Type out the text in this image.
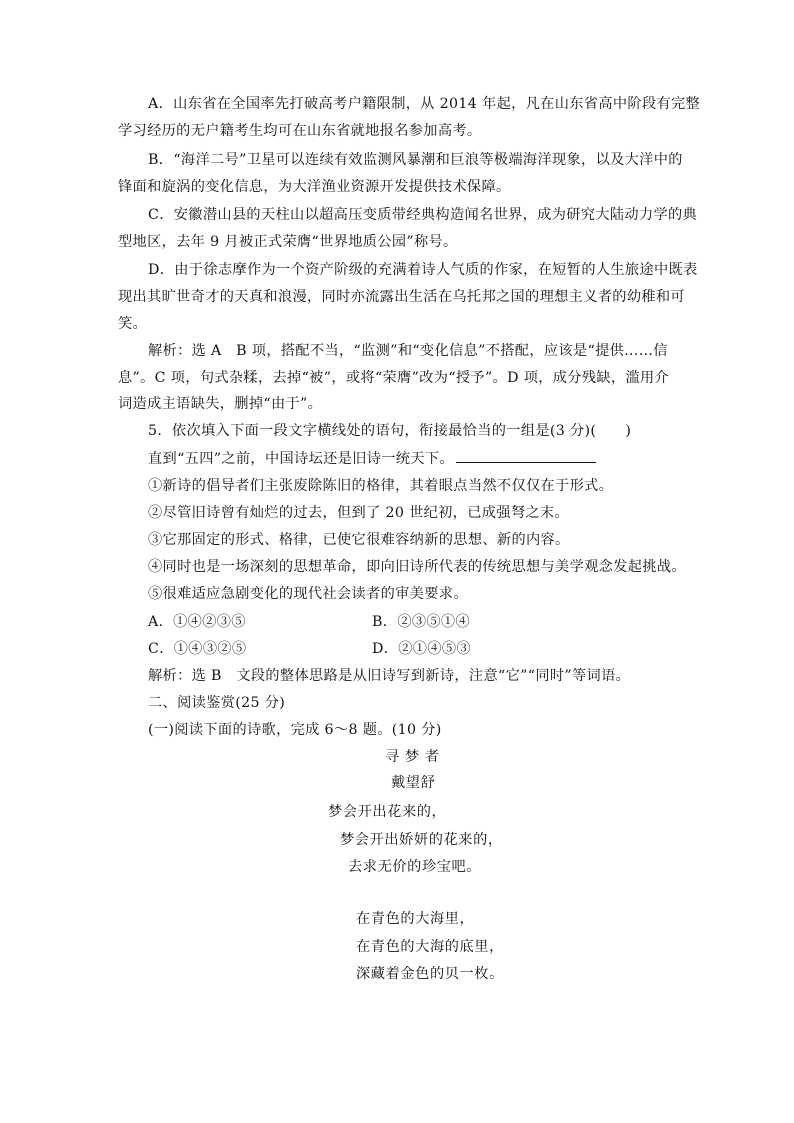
A．山东省在全国率先打破高考户籍限制，从 2014 年起，凡在山东省高中阶段有完整
学习经历的无户籍考生均可在山东省就地报名参加高考。
B．“海洋二号”卫星可以连续有效监测风暴潮和巨浪等极端海洋现象，以及大洋中的
锋面和旋涡的变化信息，为大洋渔业资源开发提供技术保障。
C．安徽潜山县的天柱山以超高压变质带经典构造闻名世界，成为研究大陆动力学的典
型地区，去年 9 月被正式荣膺“世界地质公园”称号。
D．由于徐志摩作为一个资产阶级的充满着诗人气质的作家，在短暂的人生旅途中既表
现出其旷世奇才的天真和浪漫，同时亦流露出生活在乌托邦之国的理想主义者的幼稚和可
笑。
解析：选 A　B 项，搭配不当，“监测”和“变化信息”不搭配，应该是“提供……信
息”。C 项，句式杂糅，去掉“被”，或将“荣膺”改为“授予”。D 项，成分残缺，滥用介
词造成主语缺失，删掉“由于”。
5．依次填入下面一段文字横线处的语句，衔接最恰当的一组是(3 分)(　　)
直到“五四”之前，中国诗坛还是旧诗一统天下。
①新诗的倡导者们主张废除陈旧的格律，其着眼点当然不仅仅在于形式。
②尽管旧诗曾有灿烂的过去，但到了 20 世纪初，已成强弩之末。
③它那固定的形式、格律，已使它很难容纳新的思想、新的内容。
④同时也是一场深刻的思想革命，即向旧诗所代表的传统思想与美学观念发起挑战。
⑤很难适应急剧变化的现代社会读者的审美要求。
A．①④②③⑤	B．②③⑤①④
C．①④③②⑤	D．②①④⑤③
解析：选 B　文段的整体思路是从旧诗写到新诗，注意“它”“同时”等词语。
二、阅读鉴赏(25 分)
(一)阅读下面的诗歌，完成 6～8 题。(10 分)
寻 梦 者
戴望舒
梦会开出花来的，
梦会开出娇妍的花来的，
去求无价的珍宝吧。
在青色的大海里，
在青色的大海的底里，
深藏着金色的贝一枚。
